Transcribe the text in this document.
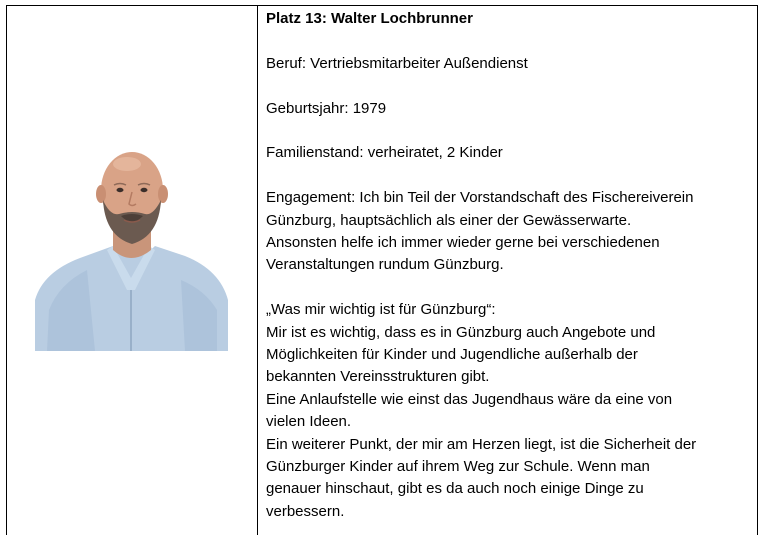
Platz 13: Walter Lochbrunner

Beruf: Vertriebsmitarbeiter Außendienst

Geburtsjahr: 1979

Familienstand: verheiratet, 2 Kinder

Engagement: Ich bin Teil der Vorstandschaft des Fischereiverein
Günzburg, hauptsächlich als einer der Gewässerwarte.
Ansonsten helfe ich immer wieder gerne bei verschiedenen
Veranstaltungen rundum Günzburg.

„Was mir wichtig ist für Günzburg“:

Mir ist es wichtig, dass es in Günzburg auch Angebote und
Möglichkeiten für Kinder und Jugendliche außerhalb der
bekannten Vereinsstrukturen gibt.
Eine Anlaufstelle wie einst das Jugendhaus wäre da eine von
vielen Ideen.
Ein weiterer Punkt, der mir am Herzen liegt, ist die Sicherheit der
Günzburger Kinder auf ihrem Weg zur Schule. Wenn man
genauer hinschaut, gibt es da auch noch einige Dinge zu
verbessern.
